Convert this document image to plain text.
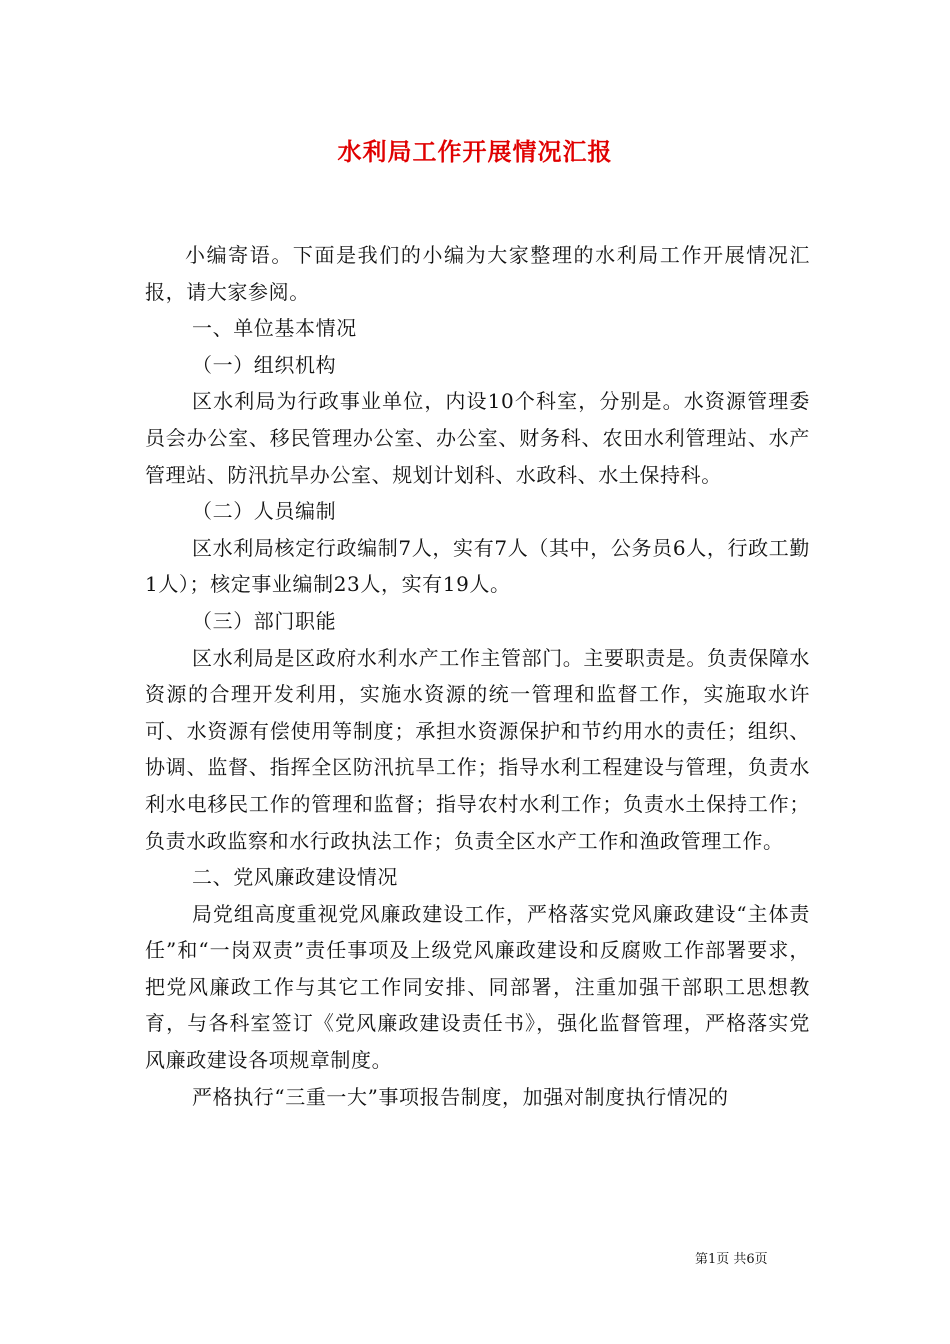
水利局工作开展情况汇报

小编寄语。下面是我们的小编为大家整理的水利局工作开展情况汇报，请大家参阅。

一、单位基本情况

（一）组织机构

区水利局为行政事业单位，内设10个科室，分别是。水资源管理委员会办公室、移民管理办公室、办公室、财务科、农田水利管理站、水产管理站、防汛抗旱办公室、规划计划科、水政科、水土保持科。

（二）人员编制

区水利局核定行政编制7人，实有7人（其中，公务员6人，行政工勤1人）；核定事业编制23人，实有19人。

（三）部门职能

区水利局是区政府水利水产工作主管部门。主要职责是。负责保障水资源的合理开发利用，实施水资源的统一管理和监督工作，实施取水许可、水资源有偿使用等制度；承担水资源保护和节约用水的责任；组织、协调、监督、指挥全区防汛抗旱工作；指导水利工程建设与管理，负责水利水电移民工作的管理和监督；指导农村水利工作；负责水土保持工作；负责水政监察和水行政执法工作；负责全区水产工作和渔政管理工作。

二、党风廉政建设情况

局党组高度重视党风廉政建设工作，严格落实党风廉政建设“主体责任”和“一岗双责”责任事项及上级党风廉政建设和反腐败工作部署要求，把党风廉政工作与其它工作同安排、同部署，注重加强干部职工思想教育，与各科室签订《党风廉政建设责任书》，强化监督管理，严格落实党风廉政建设各项规章制度。

严格执行“三重一大”事项报告制度，加强对制度执行情况的

第1页 共6页
